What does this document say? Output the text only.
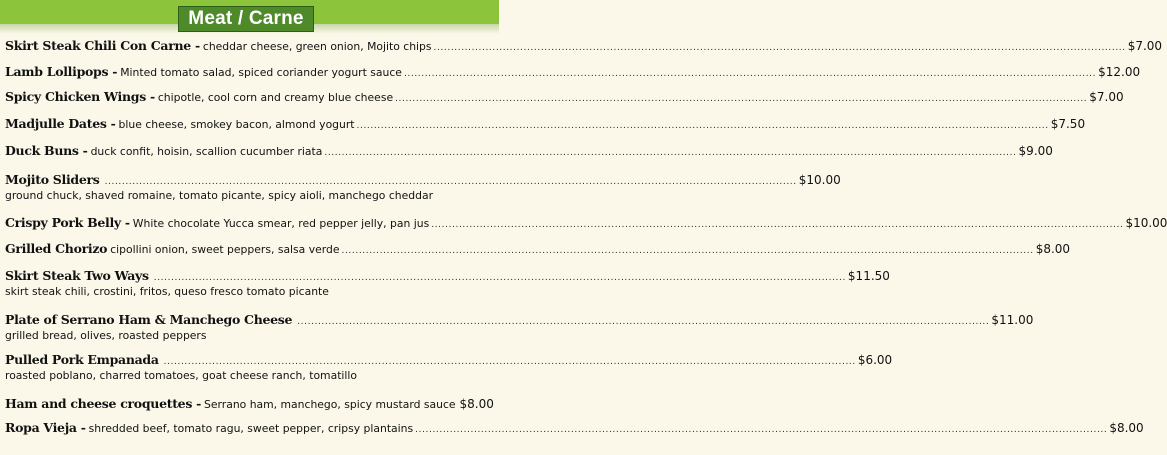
Meat / Carne
Skirt Steak Chili Con Carne - cheddar cheese, green onion, Mojito chips ........................................................................................................................................................................................................ $7.00
Lamb Lollipops - Minted tomato salad, spiced coriander yogurt sauce ........................................................................................................................................................................................................ $12.00
Spicy Chicken Wings - chipotle, cool corn and creamy blue cheese ........................................................................................................................................................................................................ $7.00
Madjulle Dates - blue cheese, smokey bacon, almond yogurt ........................................................................................................................................................................................................ $7.50
Duck Buns - duck confit, hoisin, scallion cucumber riata ........................................................................................................................................................................................................ $9.00
Mojito Sliders ........................................................................................................................................................................................................ $10.00
ground chuck, shaved romaine, tomato picante, spicy aioli, manchego cheddar
Crispy Pork Belly - White chocolate Yucca smear, red pepper jelly, pan jus ........................................................................................................................................................................................................ $10.00
Grilled Chorizo cipollini onion, sweet peppers, salsa verde ........................................................................................................................................................................................................ $8.00
Skirt Steak Two Ways ........................................................................................................................................................................................................ $11.50
skirt steak chili, crostini, fritos, queso fresco tomato picante
Plate of Serrano Ham & Manchego Cheese ........................................................................................................................................................................................................ $11.00
grilled bread, olives, roasted peppers
Pulled Pork Empanada ........................................................................................................................................................................................................ $6.00
roasted poblano, charred tomatoes, goat cheese ranch, tomatillo
Ham and cheese croquettes - Serrano ham, manchego, spicy mustard sauce $8.00
Ropa Vieja - shredded beef, tomato ragu, sweet pepper, cripsy plantains ........................................................................................................................................................................................................ $8.00
